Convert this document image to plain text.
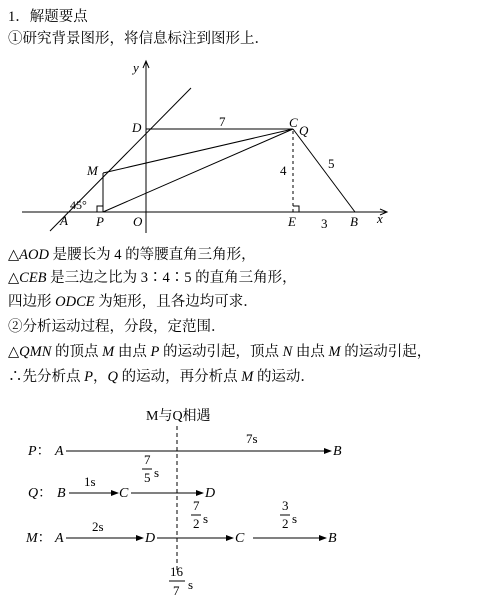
1．解题要点
①研究背景图形，将信息标注到图形上．
y
x
D	C
Q
M
A P O	E	B
7
4	5
3
45°
△AOD 是腰长为 4 的等腰直角三角形，
△CEB 是三边之比为 3∶4∶5 的直角三角形，
四边形 ODCE 为矩形，且各边均可求．
②分析运动过程，分段，定范围．
△QMN 的顶点 M 由点 P 的运动引起，顶点 N 由点 M 的运动引起，
∴先分析点 P，Q 的运动，再分析点 M 的运动．
M与Q相遇
P： A	B
7s
Q： B
1s
C	D
7
5 s
M： A
2s
D
7
2 s
C	B
3
2 s
16
7 s
